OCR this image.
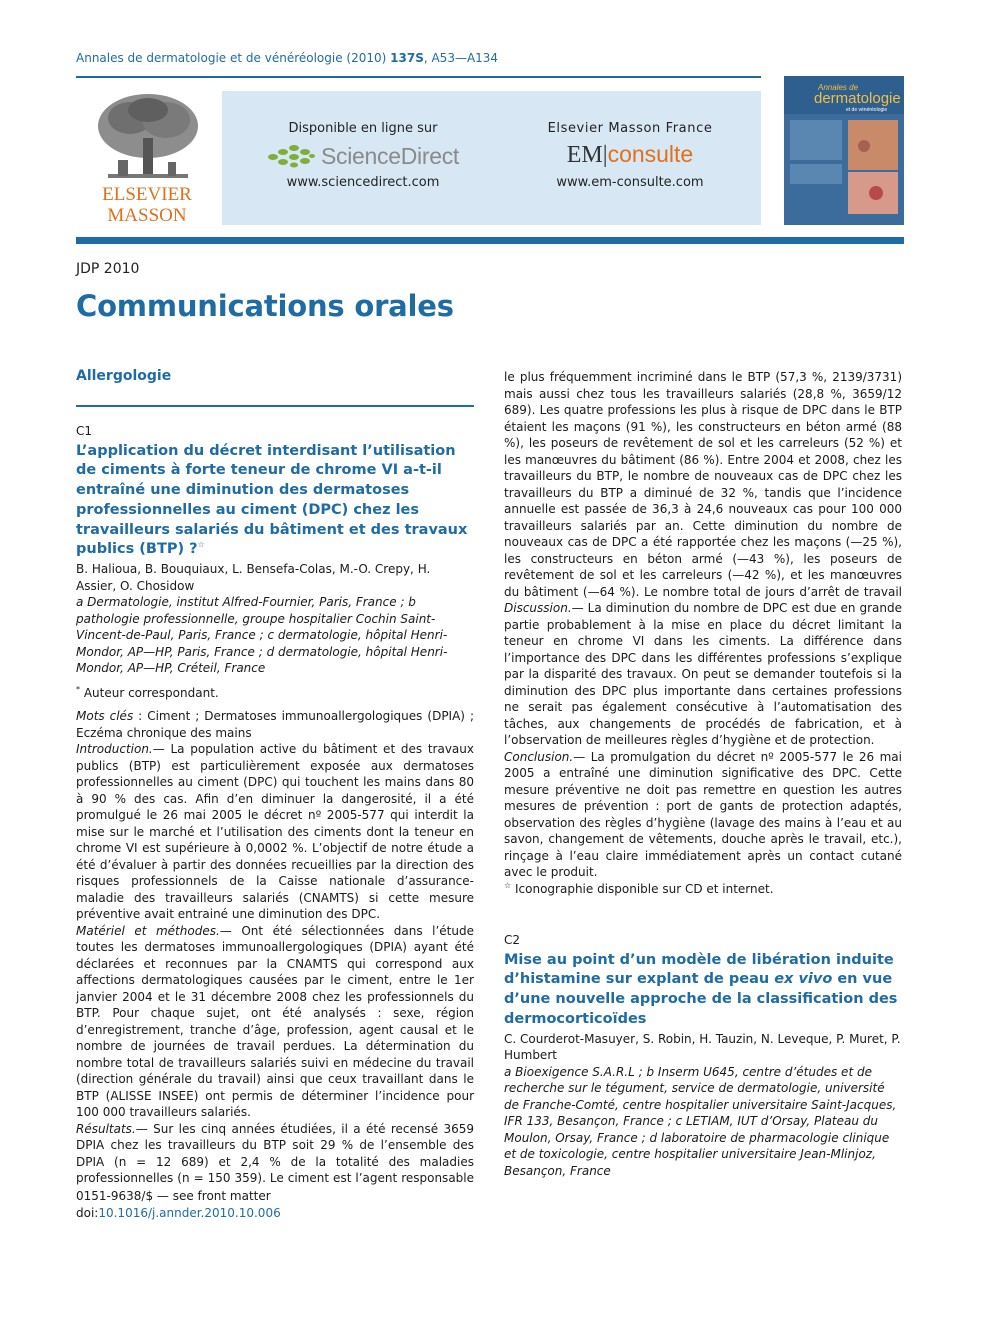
Annales de dermatologie et de vénéréologie (2010) 137S, A53—A134
ELSEVIER
MASSON
Disponible en ligne sur
ScienceDirect
www.sciencedirect.com
Elsevier Masson France
EM|consulte
www.em-consulte.com
Annales de
dermatologie
et de vénéréologie
JDP 2010
Communications orales
Allergologie
C1
L’application du décret interdisant l’utilisation de ciments à forte teneur de chrome VI a-t-il entraîné une diminution des dermatoses professionnelles au ciment (DPC) chez les travailleurs salariés du bâtiment et des travaux publics (BTP) ?☆
B. Halioua, B. Bouquiaux, L. Bensefa-Colas, M.-O. Crepy, H. Assier, O. Chosidow
a Dermatologie, institut Alfred-Fournier, Paris, France ; b pathologie professionnelle, groupe hospitalier Cochin Saint-Vincent-de-Paul, Paris, France ; c dermatologie, hôpital Henri-Mondor, AP—HP, Paris, France ; d dermatologie, hôpital Henri-Mondor, AP—HP, Créteil, France
* Auteur correspondant.
Mots clés : Ciment ; Dermatoses immunoallergologiques (DPIA) ; Eczéma chronique des mains
Introduction.— La population active du bâtiment et des travaux publics (BTP) est particulièrement exposée aux dermatoses professionnelles au ciment (DPC) qui touchent les mains dans 80 à 90 % des cas. Afin d’en diminuer la dangerosité, il a été promulgué le 26 mai 2005 le décret nº 2005-577 qui interdit la mise sur le marché et l’utilisation des ciments dont la teneur en chrome VI est supérieure à 0,0002 %. L’objectif de notre étude a été d’évaluer à partir des données recueillies par la direction des risques professionnels de la Caisse nationale d’assurance-maladie des travailleurs salariés (CNAMTS) si cette mesure préventive avait entrainé une diminution des DPC.
Matériel et méthodes.— Ont été sélectionnées dans l’étude toutes les dermatoses immunoallergologiques (DPIA) ayant été déclarées et reconnues par la CNAMTS qui correspond aux affections dermatologiques causées par le ciment, entre le 1er janvier 2004 et le 31 décembre 2008 chez les professionnels du BTP. Pour chaque sujet, ont été analysés : sexe, région d’enregistrement, tranche d’âge, profession, agent causal et le nombre de journées de travail perdues. La détermination du nombre total de travailleurs salariés suivi en médecine du travail (direction générale du travail) ainsi que ceux travaillant dans le BTP (ALISSE INSEE) ont permis de déterminer l’incidence pour 100 000 travailleurs salariés.
Résultats.— Sur les cinq années étudiées, il a été recensé 3659 DPIA chez les travailleurs du BTP soit 29 % de l’ensemble des DPIA (n = 12 689) et 2,4 % de la totalité des maladies professionnelles (n = 150 359). Le ciment est l’agent responsable
le plus fréquemment incriminé dans le BTP (57,3 %, 2139/3731) mais aussi chez tous les travailleurs salariés (28,8 %, 3659/12 689). Les quatre professions les plus à risque de DPC dans le BTP étaient les maçons (91 %), les constructeurs en béton armé (88 %), les poseurs de revêtement de sol et les carreleurs (52 %) et les manœuvres du bâtiment (86 %). Entre 2004 et 2008, chez les travailleurs du BTP, le nombre de nouveaux cas de DPC chez les travailleurs du BTP a diminué de 32 %, tandis que l’incidence annuelle est passée de 36,3 à 24,6 nouveaux cas pour 100 000 travailleurs salariés par an. Cette diminution du nombre de nouveaux cas de DPC a été rapportée chez les maçons (—25 %), les constructeurs en béton armé (—43 %), les poseurs de revêtement de sol et les carreleurs (—42 %), et les manœuvres du bâtiment (—64 %). Le nombre total de jours d’arrêt de travail
Discussion.— La diminution du nombre de DPC est due en grande partie probablement à la mise en place du décret limitant la teneur en chrome VI dans les ciments. La différence dans l’importance des DPC dans les différentes professions s’explique par la disparité des travaux. On peut se demander toutefois si la diminution des DPC plus importante dans certaines professions ne serait pas également consécutive à l’automatisation des tâches, aux changements de procédés de fabrication, et à l’observation de meilleures règles d’hygiène et de protection.
Conclusion.— La promulgation du décret nº 2005-577 le 26 mai 2005 a entraîné une diminution significative des DPC. Cette mesure préventive ne doit pas remettre en question les autres mesures de prévention : port de gants de protection adaptés, observation des règles d’hygiène (lavage des mains à l’eau et au savon, changement de vêtements, douche après le travail, etc.), rinçage à l’eau claire immédiatement après un contact cutané avec le produit.
☆ Iconographie disponible sur CD et internet.
C2
Mise au point d’un modèle de libération induite d’histamine sur explant de peau ex vivo en vue d’une nouvelle approche de la classification des dermocorticoïdes
C. Courderot-Masuyer, S. Robin, H. Tauzin, N. Leveque, P. Muret, P. Humbert
a Bioexigence S.A.R.L ; b Inserm U645, centre d’études et de recherche sur le tégument, service de dermatologie, université de Franche-Comté, centre hospitalier universitaire Saint-Jacques, IFR 133, Besançon, France ; c LETIAM, IUT d’Orsay, Plateau du Moulon, Orsay, France ; d laboratoire de pharmacologie clinique et de toxicologie, centre hospitalier universitaire Jean-Mlinjoz, Besançon, France
0151-9638/$ — see front matter
doi:10.1016/j.annder.2010.10.006
